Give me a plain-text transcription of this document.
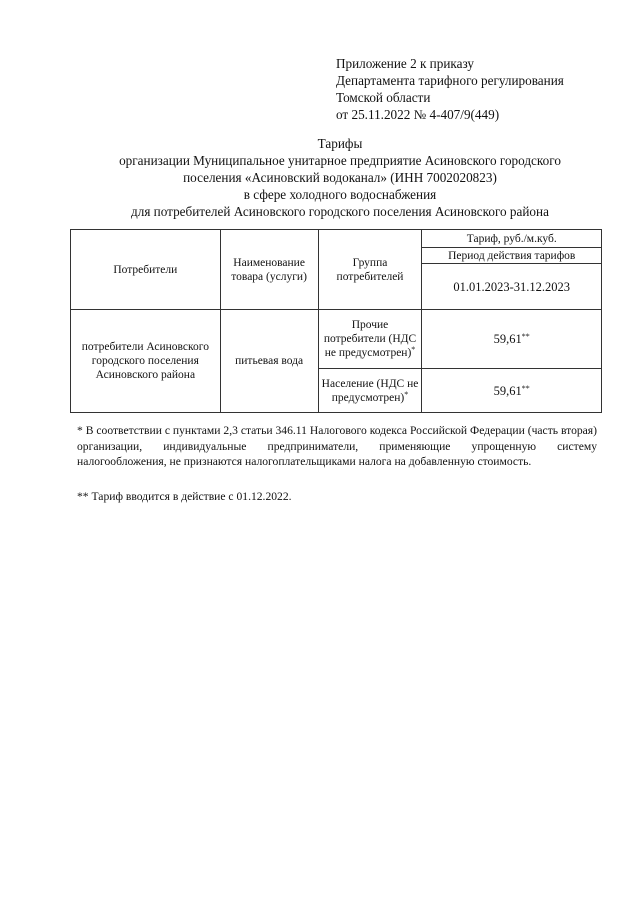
Приложение 2 к приказу
Департамента тарифного регулирования
Томской области
от 25.11.2022 № 4-407/9(449)
Тарифы
организации Муниципальное унитарное предприятие Асиновского городского
поселения «Асиновский водоканал» (ИНН 7002020823)
в сфере холодного водоснабжения
для потребителей Асиновского городского поселения Асиновского района
Потребители	Наименование товара (услуги)	Группа потребителей	Тариф, руб./м.куб.
			Период действия тарифов
			01.01.2023-31.12.2023
потребители Асиновского городского поселения Асиновского района	питьевая вода	Прочие потребители (НДС не предусмотрен)*	59,61**
		Население (НДС не предусмотрен)*	59,61**
* В соответствии с пунктами 2,3 статьи 346.11 Налогового кодекса Российской Федерации (часть вторая) организации, индивидуальные предприниматели, применяющие упрощенную систему налогообложения, не признаются налогоплательщиками налога на добавленную стоимость.
** Тариф вводится в действие с 01.12.2022.
